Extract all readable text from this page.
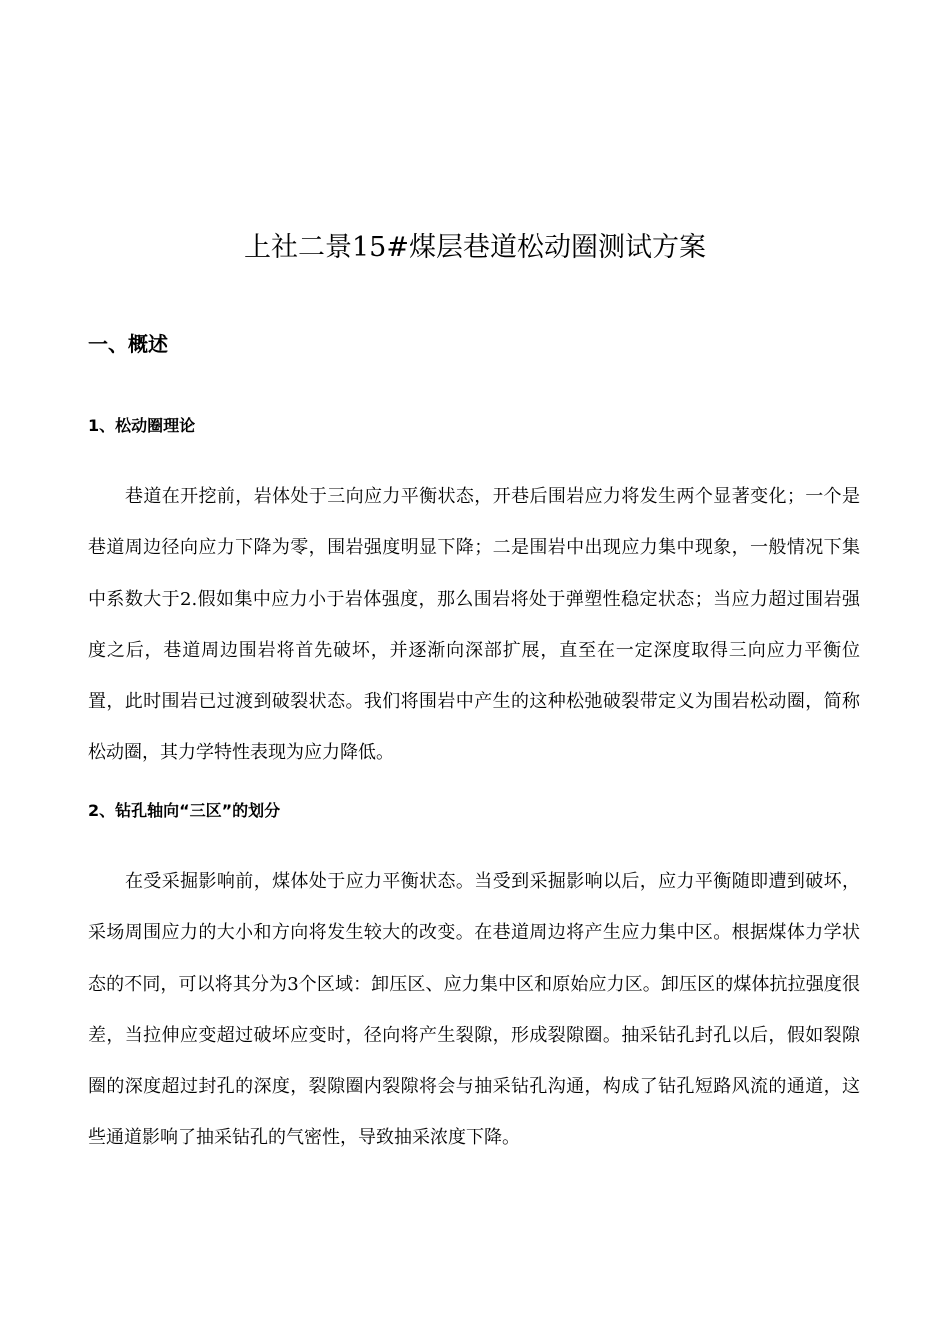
上社二景15#煤层巷道松动圈测试方案
一、概述
1、松动圈理论

巷道在开挖前，岩体处于三向应力平衡状态，开巷后围岩应力将发生两个显著变化；一个是巷道周边径向应力下降为零，围岩强度明显下降；二是围岩中出现应力集中现象，一般情况下集中系数大于2.假如集中应力小于岩体强度，那么围岩将处于弹塑性稳定状态；当应力超过围岩强度之后，巷道周边围岩将首先破坏，并逐渐向深部扩展，直至在一定深度取得三向应力平衡位置，此时围岩已过渡到破裂状态。我们将围岩中产生的这种松弛破裂带定义为围岩松动圈，简称松动圈，其力学特性表现为应力降低。

2、钻孔轴向“三区”的划分

在受采掘影响前，煤体处于应力平衡状态。当受到采掘影响以后，应力平衡随即遭到破坏，采场周围应力的大小和方向将发生较大的改变。在巷道周边将产生应力集中区。根据煤体力学状态的不同，可以将其分为3个区域：卸压区、应力集中区和原始应力区。卸压区的煤体抗拉强度很差，当拉伸应变超过破坏应变时，径向将产生裂隙，形成裂隙圈。抽采钻孔封孔以后，假如裂隙圈的深度超过封孔的深度，裂隙圈内裂隙将会与抽采钻孔沟通，构成了钻孔短路风流的通道，这些通道影响了抽采钻孔的气密性，导致抽采浓度下降。
